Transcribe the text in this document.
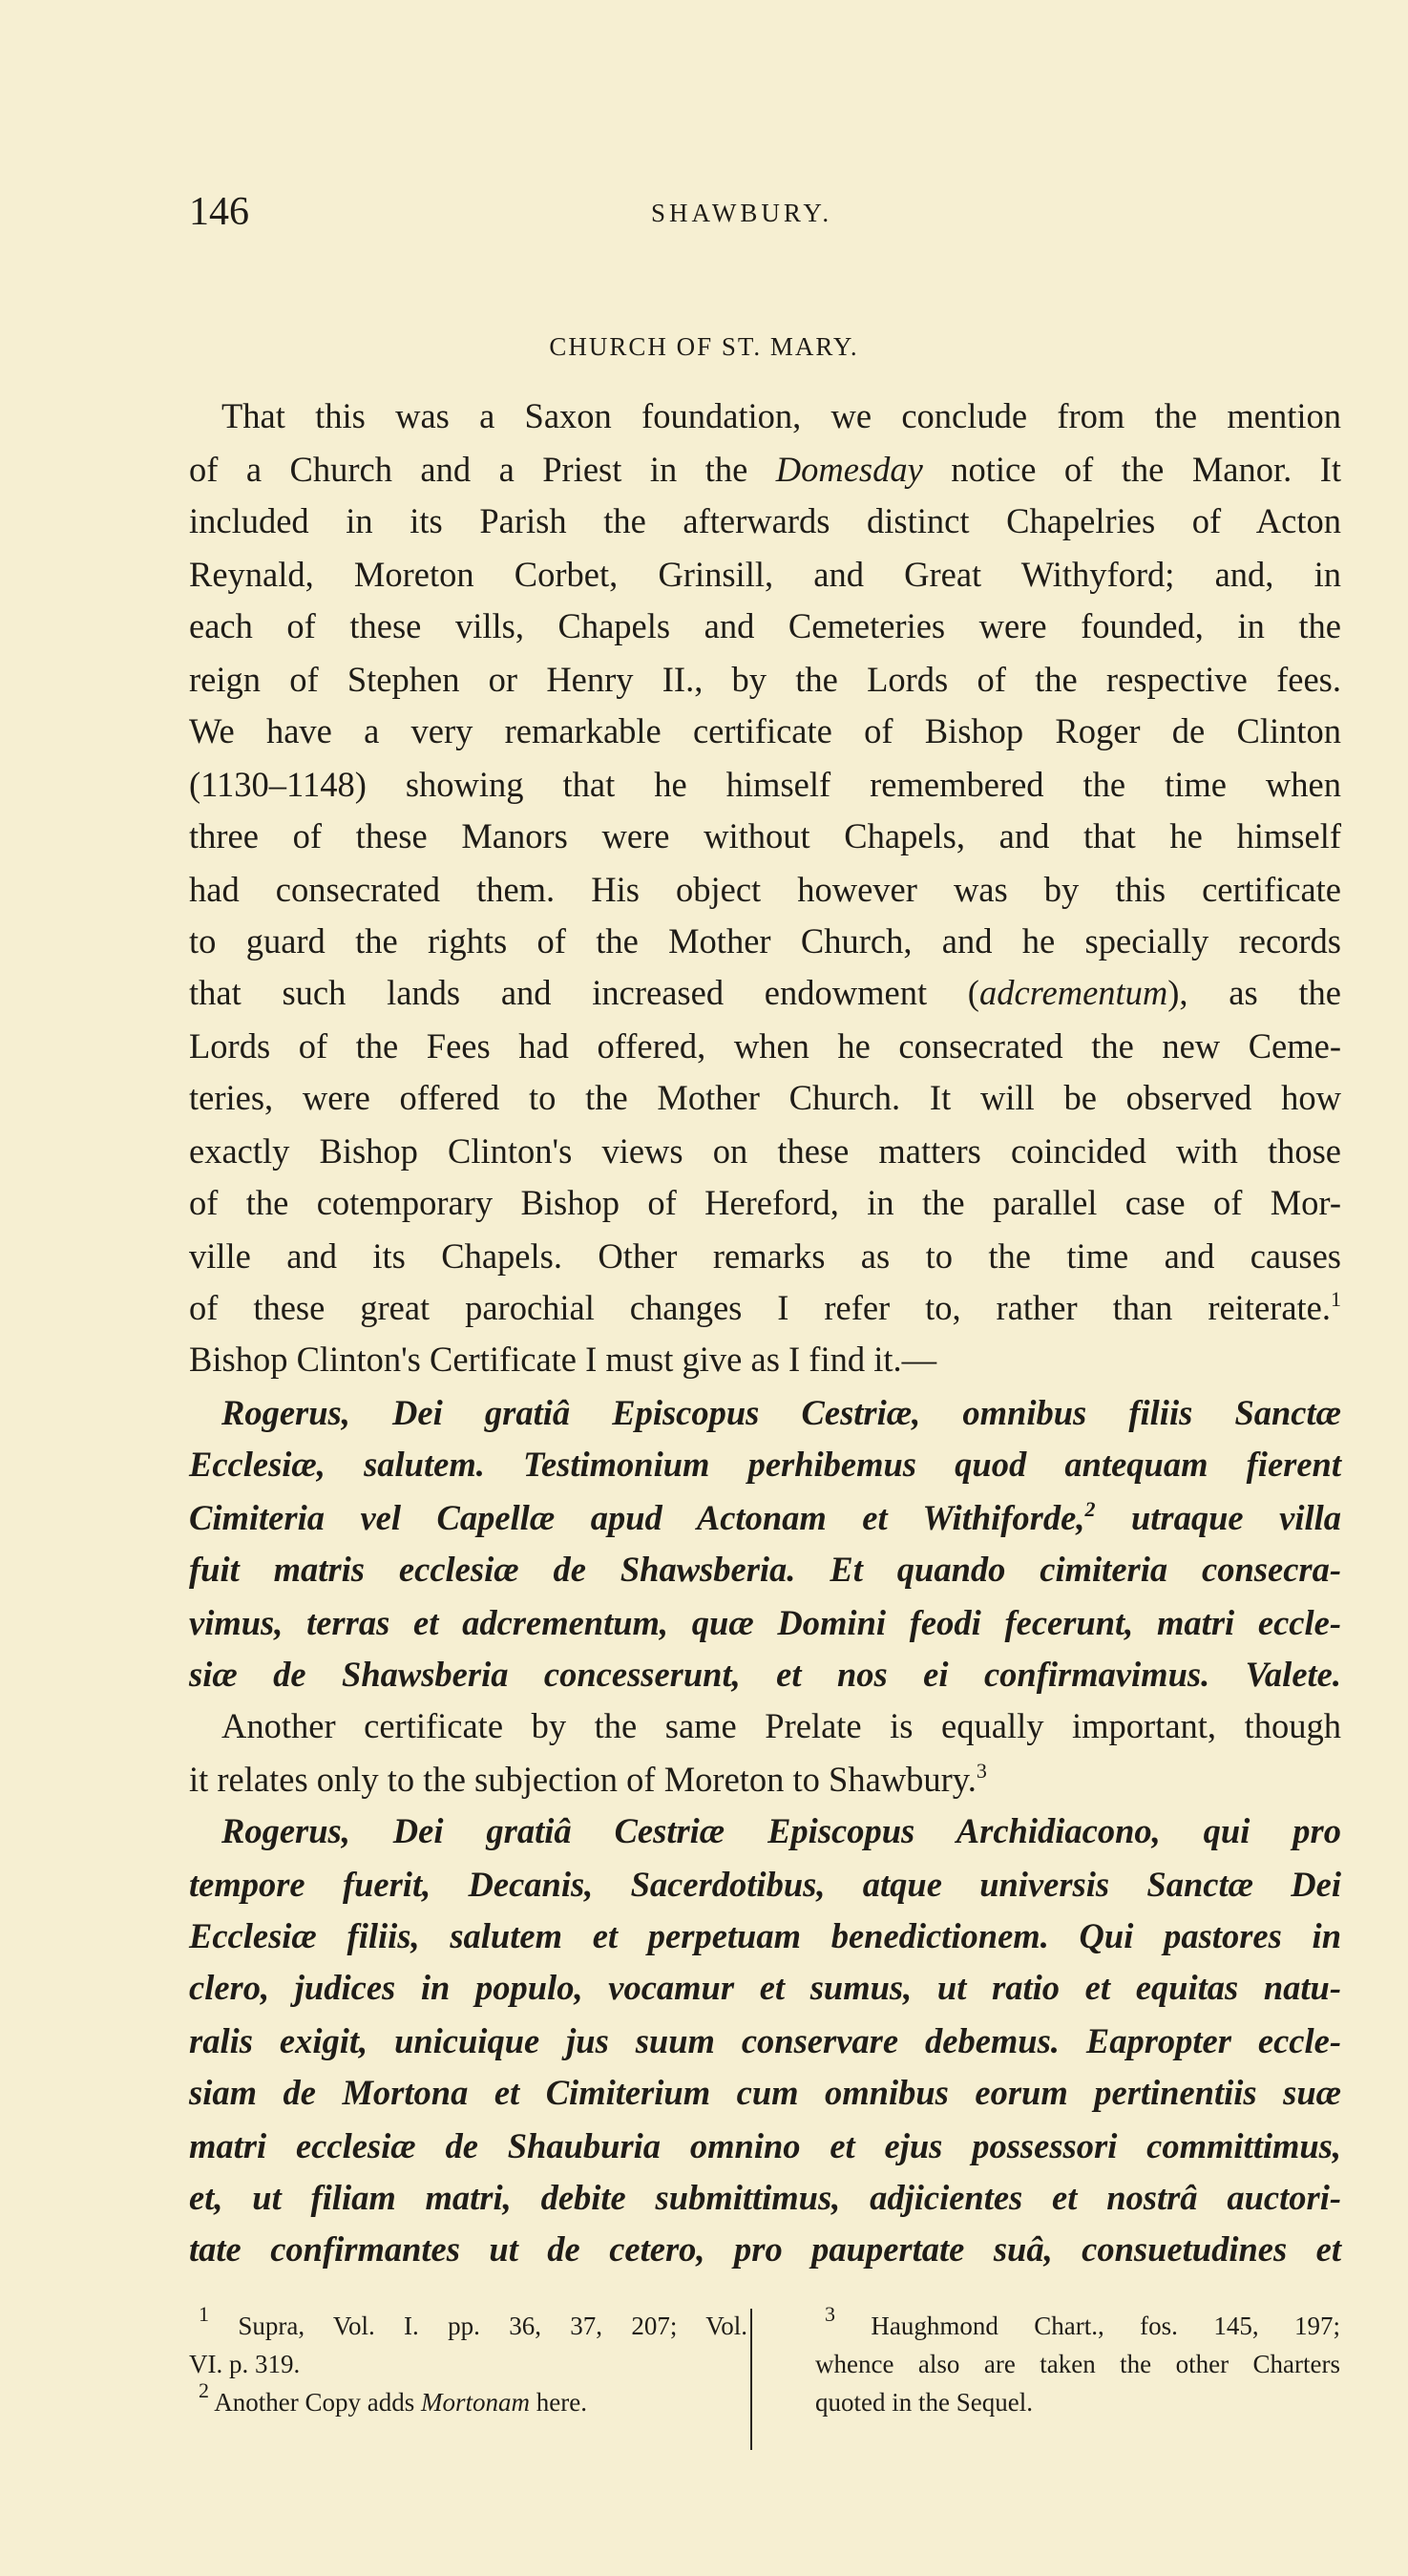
146	SHAWBURY.
CHURCH OF ST. MARY.
That this was a Saxon foundation, we conclude from the mention
of a Church and a Priest in the Domesday notice of the Manor. It
included in its Parish the afterwards distinct Chapelries of Acton
Reynald, Moreton Corbet, Grinsill, and Great Withyford; and, in
each of these vills, Chapels and Cemeteries were founded, in the
reign of Stephen or Henry II., by the Lords of the respective fees.
We have a very remarkable certificate of Bishop Roger de Clinton
(1130–1148) showing that he himself remembered the time when
three of these Manors were without Chapels, and that he himself
had consecrated them. His object however was by this certificate
to guard the rights of the Mother Church, and he specially records
that such lands and increased endowment (adcrementum), as the
Lords of the Fees had offered, when he consecrated the new Ceme-
teries, were offered to the Mother Church. It will be observed how
exactly Bishop Clinton's views on these matters coincided with those
of the cotemporary Bishop of Hereford, in the parallel case of Mor-
ville and its Chapels. Other remarks as to the time and causes
of these great parochial changes I refer to, rather than reiterate.$^1$
Bishop Clinton's Certificate I must give as I find it.—
Rogerus, Dei gratiâ Episcopus Cestriæ, omnibus filiis Sanctæ
Ecclesiæ, salutem. Testimonium perhibemus quod antequam fierent
Cimiteria vel Capellæ apud Actonam et Withiforde,$^2$ utraque villa
fuit matris ecclesiæ de Shawsberia. Et quando cimiteria consecra-
vimus, terras et adcrementum, quæ Domini feodi fecerunt, matri eccle-
siæ de Shawsberia concesserunt, et nos ei confirmavimus. Valete.
Another certificate by the same Prelate is equally important, though
it relates only to the subjection of Moreton to Shawbury.$^3$
Rogerus, Dei gratiâ Cestriæ Episcopus Archidiacono, qui pro
tempore fuerit, Decanis, Sacerdotibus, atque universis Sanctæ Dei
Ecclesiæ filiis, salutem et perpetuam benedictionem. Qui pastores in
clero, judices in populo, vocamur et sumus, ut ratio et equitas natu-
ralis exigit, unicuique jus suum conservare debemus. Eapropter eccle-
siam de Mortona et Cimiterium cum omnibus eorum pertinentiis suæ
matri ecclesiæ de Shauburia omnino et ejus possessori committimus,
et, ut filiam matri, debite submittimus, adjicientes et nostrâ auctori-
tate confirmantes ut de cetero, pro paupertate suâ, consuetudines et
$^1$ Supra, Vol. I. pp. 36, 37, 207; Vol.
VI. p. 319.
$^2$ Another Copy adds Mortonam here.
$^3$ Haughmond Chart., fos. 145, 197;
whence also are taken the other Charters
quoted in the Sequel.
